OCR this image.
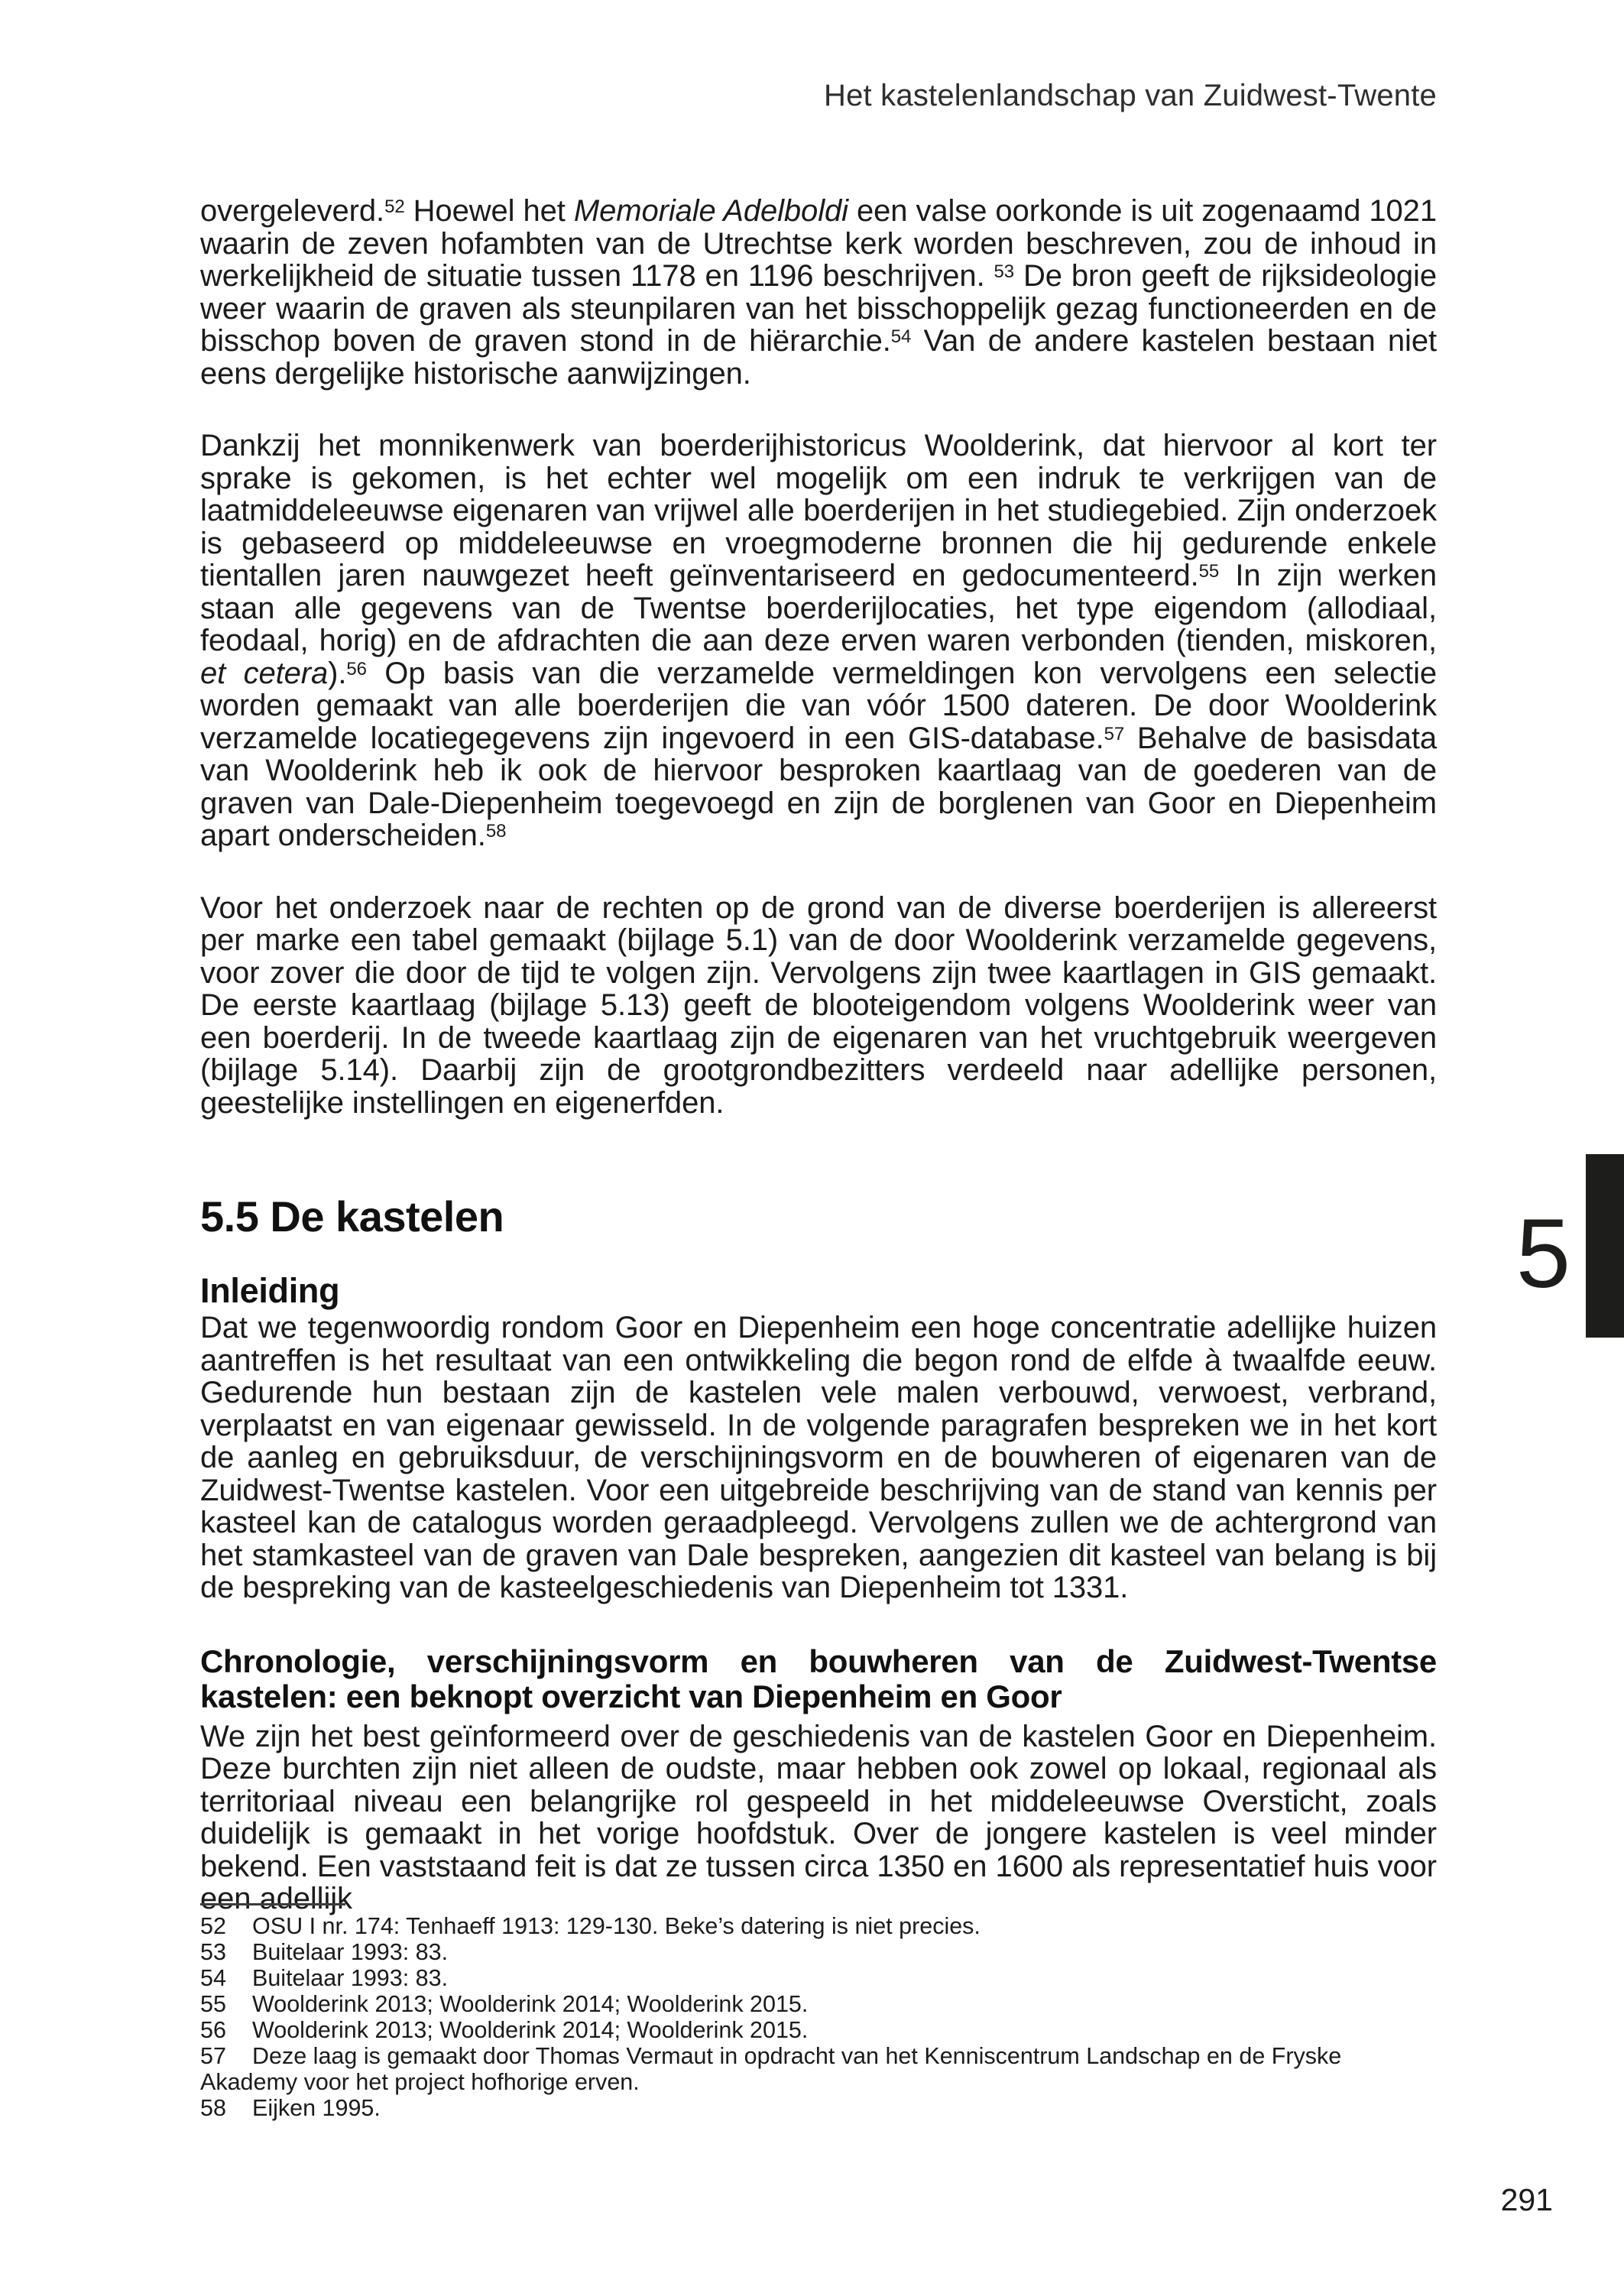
Het kastelenlandschap van Zuidwest-Twente

overgeleverd.$^{52}$ Hoewel het Memoriale Adelboldi een valse oorkonde is uit zogenaamd 1021 waarin de zeven hofambten van de Utrechtse kerk worden beschreven, zou de inhoud in werkelijkheid de situatie tussen 1178 en 1196 beschrijven. $^{53}$ De bron geeft de rijksideologie weer waarin de graven als steunpilaren van het bisschoppelijk gezag functioneerden en de bisschop boven de graven stond in de hiërarchie.$^{54}$ Van de andere kastelen bestaan niet eens dergelijke historische aanwijzingen.

Dankzij het monnikenwerk van boerderijhistoricus Woolderink, dat hiervoor al kort ter sprake is gekomen, is het echter wel mogelijk om een indruk te verkrijgen van de laatmiddeleeuwse eigenaren van vrijwel alle boerderijen in het studiegebied. Zijn onderzoek is gebaseerd op middeleeuwse en vroegmoderne bronnen die hij gedurende enkele tientallen jaren nauwgezet heeft geïnventariseerd en gedocumenteerd.$^{55}$ In zijn werken staan alle gegevens van de Twentse boerderijlocaties, het type eigendom (allodiaal, feodaal, horig) en de afdrachten die aan deze erven waren verbonden (tienden, miskoren, et cetera).$^{56}$ Op basis van die verzamelde vermeldingen kon vervolgens een selectie worden gemaakt van alle boerderijen die van vóór 1500 dateren. De door Woolderink verzamelde locatiegegevens zijn ingevoerd in een GIS-database.$^{57}$ Behalve de basisdata van Woolderink heb ik ook de hiervoor besproken kaartlaag van de goederen van de graven van Dale-Diepenheim toegevoegd en zijn de borglenen van Goor en Diepenheim apart onderscheiden.$^{58}$

Voor het onderzoek naar de rechten op de grond van de diverse boerderijen is allereerst per marke een tabel gemaakt (bijlage 5.1) van de door Woolderink verzamelde gegevens, voor zover die door de tijd te volgen zijn. Vervolgens zijn twee kaartlagen in GIS gemaakt. De eerste kaartlaag (bijlage 5.13) geeft de blooteigendom volgens Woolderink weer van een boerderij. In de tweede kaartlaag zijn de eigenaren van het vruchtgebruik weergeven (bijlage 5.14). Daarbij zijn de grootgrondbezitters verdeeld naar adellijke personen, geestelijke instellingen en eigenerfden.

5.5 De kastelen
Inleiding

Dat we tegenwoordig rondom Goor en Diepenheim een hoge concentratie adellijke huizen aantreffen is het resultaat van een ontwikkeling die begon rond de elfde à twaalfde eeuw. Gedurende hun bestaan zijn de kastelen vele malen verbouwd, verwoest, verbrand, verplaatst en van eigenaar gewisseld. In de volgende paragrafen bespreken we in het kort de aanleg en gebruiksduur, de verschijningsvorm en de bouwheren of eigenaren van de Zuidwest-Twentse kastelen. Voor een uitgebreide beschrijving van de stand van kennis per kasteel kan de catalogus worden geraadpleegd. Vervolgens zullen we de achtergrond van het stamkasteel van de graven van Dale bespreken, aangezien dit kasteel van belang is bij de bespreking van de kasteelgeschiedenis van Diepenheim tot 1331.

Chronologie, verschijningsvorm en bouwheren van de Zuidwest-Twentse kastelen: een beknopt overzicht van Diepenheim en Goor

We zijn het best geïnformeerd over de geschiedenis van de kastelen Goor en Diepenheim. Deze burchten zijn niet alleen de oudste, maar hebben ook zowel op lokaal, regionaal als territoriaal niveau een belangrijke rol gespeeld in het middeleeuwse Oversticht, zoals duidelijk is gemaakt in het vorige hoofdstuk. Over de jongere kastelen is veel minder bekend. Een vaststaand feit is dat ze tussen circa 1350 en 1600 als representatief huis voor een adellijk

52 OSU I nr. 174: Tenhaeff 1913: 129-130. Beke’s datering is niet precies.
53 Buitelaar 1993: 83.
54 Buitelaar 1993: 83.
55 Woolderink 2013; Woolderink 2014; Woolderink 2015.
56 Woolderink 2013; Woolderink 2014; Woolderink 2015.
57 Deze laag is gemaakt door Thomas Vermaut in opdracht van het Kenniscentrum Landschap en de Fryske Akademy voor het project hofhorige erven.
58 Eijken 1995.
5
291
